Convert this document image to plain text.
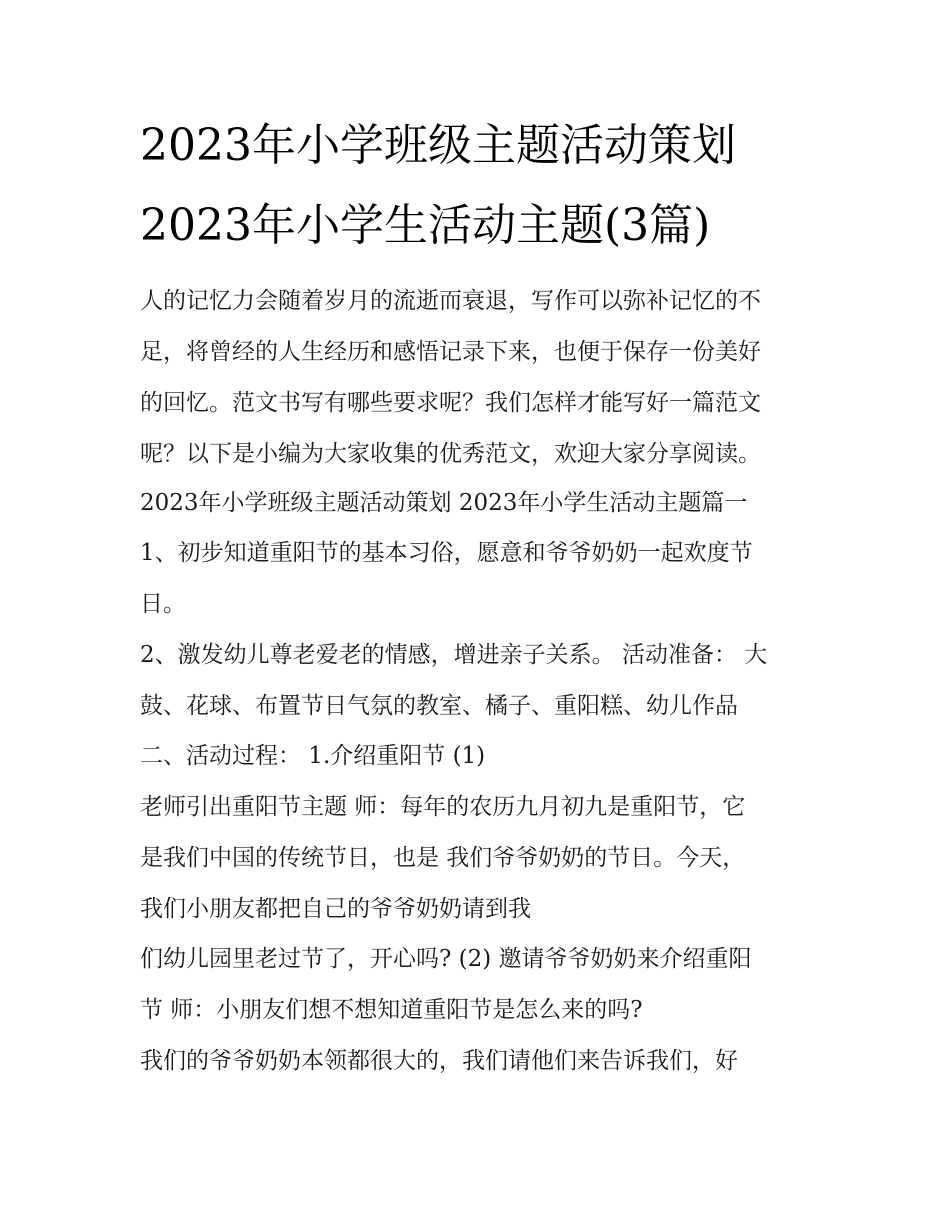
2023年小学班级主题活动策划
2023年小学生活动主题(3篇)

人的记忆力会随着岁月的流逝而衰退，写作可以弥补记忆的不

足，将曾经的人生经历和感悟记录下来，也便于保存一份美好

的回忆。范文书写有哪些要求呢？我们怎样才能写好一篇范文

呢？以下是小编为大家收集的优秀范文，欢迎大家分享阅读。

2023年小学班级主题活动策划 2023年小学生活动主题篇一

1、初步知道重阳节的基本习俗，愿意和爷爷奶奶一起欢度节

日。

2、激发幼儿尊老爱老的情感，增进亲子关系。 活动准备： 大

鼓、花球、布置节日气氛的教室、橘子、重阳糕、幼儿作品

二、活动过程： 1.介绍重阳节 (1)

老师引出重阳节主题 师：每年的农历九月初九是重阳节，它

是我们中国的传统节日，也是 我们爷爷奶奶的节日。今天，

我们小朋友都把自己的爷爷奶奶请到我

们幼儿园里老过节了，开心吗? (2) 邀请爷爷奶奶来介绍重阳

节 师：小朋友们想不想知道重阳节是怎么来的吗?

我们的爷爷奶奶本领都很大的，我们请他们来告诉我们，好
